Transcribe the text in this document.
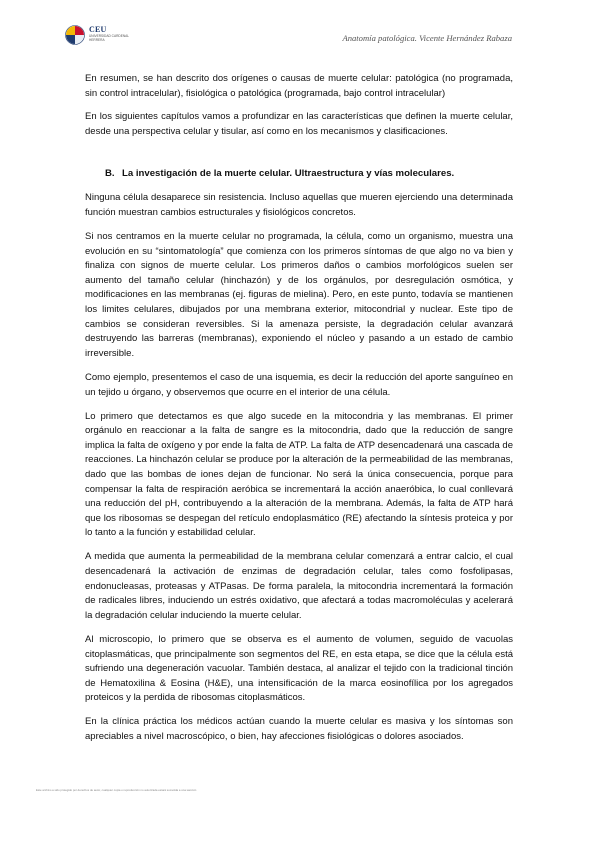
CEU
UNIVERSIDAD CARDENAL HERRERA	Anatomía patológica. Vicente Hernández Rabaza

En resumen, se han descrito dos orígenes o causas de muerte celular: patológica (no programada, sin control intracelular), fisiológica o patológica (programada, bajo control intracelular)

En los siguientes capítulos vamos a profundizar en las características que definen la muerte celular, desde una perspectiva celular y tisular, así como en los mecanismos y clasificaciones.

B. La investigación de la muerte celular. Ultraestructura y vías moleculares.

Ninguna célula desaparece sin resistencia. Incluso aquellas que mueren ejerciendo una determinada función muestran cambios estructurales y fisiológicos concretos.

Si nos centramos en la muerte celular no programada, la célula, como un organismo, muestra una evolución en su “sintomatología” que comienza con los primeros síntomas de que algo no va bien y finaliza con signos de muerte celular. Los primeros daños o cambios morfológicos suelen ser aumento del tamaño celular (hinchazón) y de los orgánulos, por desregulación osmótica, y modificaciones en las membranas (ej. figuras de mielina). Pero, en este punto, todavía se mantienen los limites celulares, dibujados por una membrana exterior, mitocondrial y nuclear. Este tipo de cambios se consideran reversibles. Si la amenaza persiste, la degradación celular avanzará destruyendo las barreras (membranas), exponiendo el núcleo y pasando a un estado de cambio irreversible.

Como ejemplo, presentemos el caso de una isquemia, es decir la reducción del aporte sanguíneo en un tejido u órgano, y observemos que ocurre en el interior de una célula.

Lo primero que detectamos es que algo sucede en la mitocondria y las membranas. El primer orgánulo en reaccionar a la falta de sangre es la mitocondria, dado que la reducción de sangre implica la falta de oxígeno y por ende la falta de ATP. La falta de ATP desencadenará una cascada de reacciones. La hinchazón celular se produce por la alteración de la permeabilidad de las membranas, dado que las bombas de iones dejan de funcionar. No será la única consecuencia, porque para compensar la falta de respiración aeróbica se incrementará la acción anaeróbica, lo cual conllevará una reducción del pH, contribuyendo a la alteración de la membrana. Además, la falta de ATP hará que los ribosomas se despegan del retículo endoplasmático (RE) afectando la síntesis proteica y por lo tanto a la función y estabilidad celular.

A medida que aumenta la permeabilidad de la membrana celular comenzará a entrar calcio, el cual desencadenará la activación de enzimas de degradación celular, tales como fosfolipasas, endonucleasas, proteasas y ATPasas. De forma paralela, la mitocondria incrementará la formación de radicales libres, induciendo un estrés oxidativo, que afectará a todas macromoléculas y acelerará la degradación celular induciendo la muerte celular.

Al microscopio, lo primero que se observa es el aumento de volumen, seguido de vacuolas citoplasmáticas, que principalmente son segmentos del RE, en esta etapa, se dice que la célula está sufriendo una degeneración vacuolar. También destaca, al analizar el tejido con la tradicional tinción de Hematoxilina & Eosina (H&E), una intensificación de la marca eosinofílica por los agregados proteicos y la perdida de ribosomas citoplasmáticos.

En la clínica práctica los médicos actúan cuando la muerte celular es masiva y los síntomas son apreciables a nivel macroscópico, o bien, hay afecciones fisiológicas o dolores asociados.

Este archivo a sido protegido por derechos de autor, cualquier copia o reproducción no autorizada estará sometida a una sanción
